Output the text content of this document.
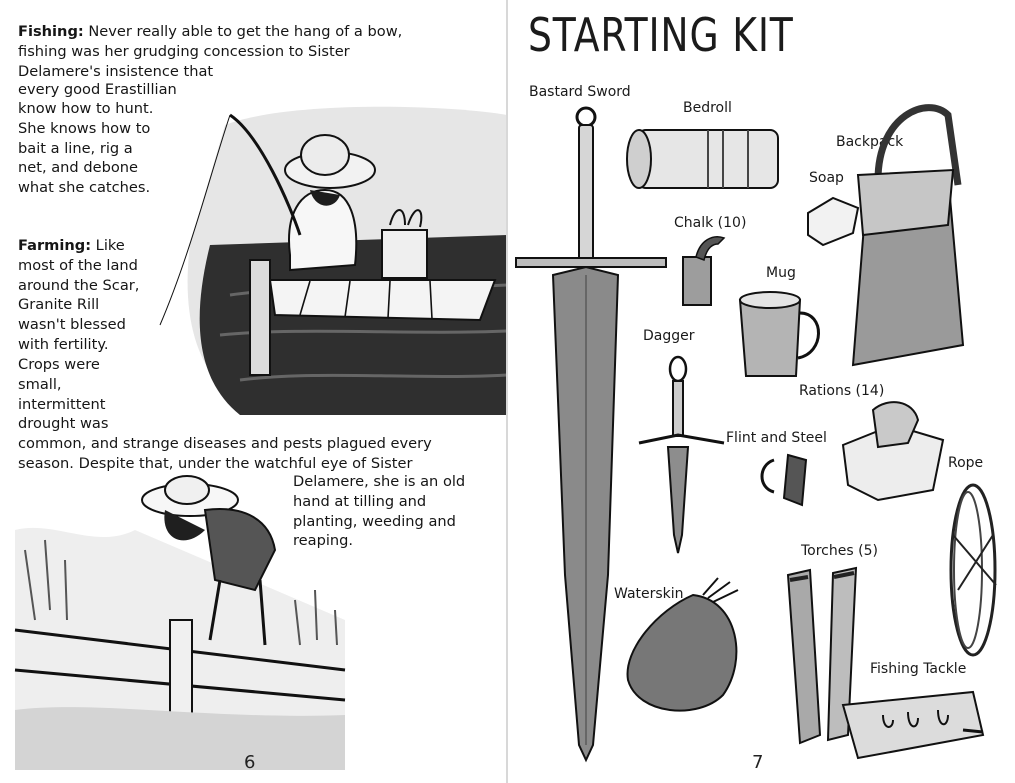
Fishing: Never really able to get the hang of a bow,
fishing was her grudging concession to Sister
Delamere's insistence that
every good Erastillian
know how to hunt.
She knows how to
bait a line, rig a
net, and debone
what she catches.
Farming: Like
most of the land
around the Scar,
Granite Rill
wasn't blessed
with fertility.
Crops were
small,
intermittent
drought was
common, and strange diseases and pests plagued every
season. Despite that, under the watchful eye of Sister
Delamere, she is an old
hand at tilling and
planting, weeding and
reaping.
6
STARTING KIT
Bastard Sword
Bedroll
Backpack
Soap
Chalk (10)
Mug
Dagger
Rations (14)
Flint and Steel
Rope
Torches (5)
Waterskin
Fishing Tackle
7
